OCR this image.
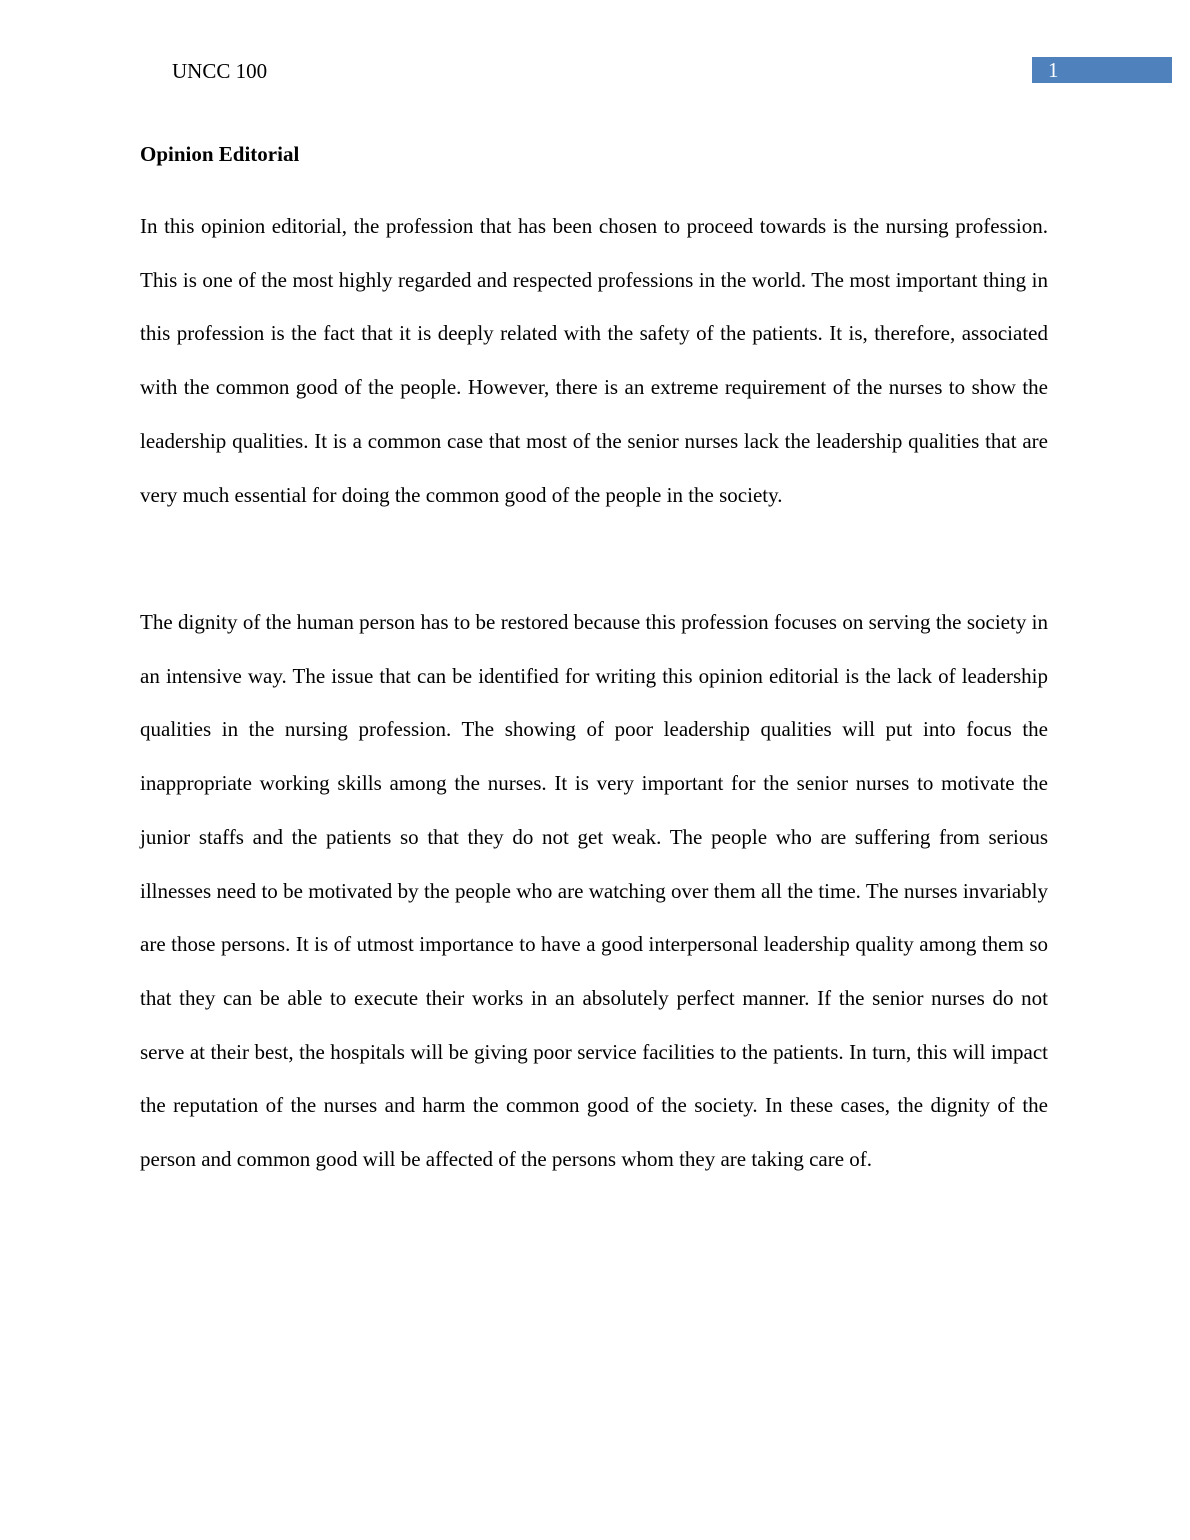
UNCC 100	1
Opinion Editorial

In this opinion editorial, the profession that has been chosen to proceed towards is the nursing profession. This is one of the most highly regarded and respected professions in the world. The most important thing in this profession is the fact that it is deeply related with the safety of the patients. It is, therefore, associated with the common good of the people. However, there is an extreme requirement of the nurses to show the leadership qualities. It is a common case that most of the senior nurses lack the leadership qualities that are very much essential for doing the common good of the people in the society.

The dignity of the human person has to be restored because this profession focuses on serving the society in an intensive way. The issue that can be identified for writing this opinion editorial is the lack of leadership qualities in the nursing profession. The showing of poor leadership qualities will put into focus the inappropriate working skills among the nurses. It is very important for the senior nurses to motivate the junior staffs and the patients so that they do not get weak. The people who are suffering from serious illnesses need to be motivated by the people who are watching over them all the time. The nurses invariably are those persons. It is of utmost importance to have a good interpersonal leadership quality among them so that they can be able to execute their works in an absolutely perfect manner. If the senior nurses do not serve at their best, the hospitals will be giving poor service facilities to the patients. In turn, this will impact the reputation of the nurses and harm the common good of the society. In these cases, the dignity of the person and common good will be affected of the persons whom they are taking care of.
